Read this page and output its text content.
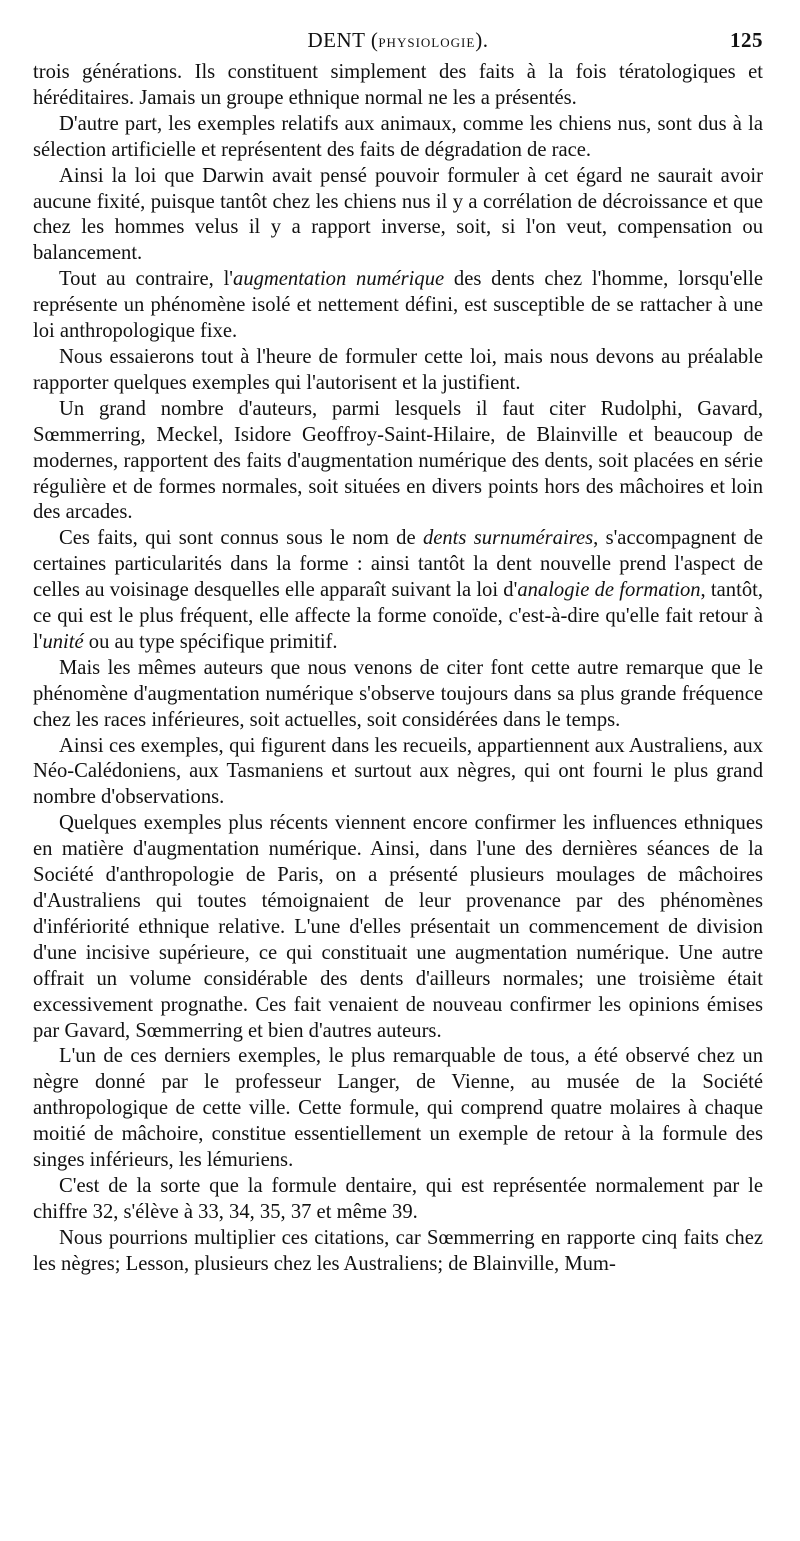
DENT (physiologie).	125

trois générations. Ils constituent simplement des faits à la fois tératologiques et héréditaires. Jamais un groupe ethnique normal ne les a présentés.

D'autre part, les exemples relatifs aux animaux, comme les chiens nus, sont dus à la sélection artificielle et représentent des faits de dégradation de race.

Ainsi la loi que Darwin avait pensé pouvoir formuler à cet égard ne saurait avoir aucune fixité, puisque tantôt chez les chiens nus il y a corrélation de décroissance et que chez les hommes velus il y a rapport inverse, soit, si l'on veut, compensation ou balancement.

Tout au contraire, l'augmentation numérique des dents chez l'homme, lorsqu'elle représente un phénomène isolé et nettement défini, est susceptible de se rattacher à une loi anthropologique fixe.

Nous essaierons tout à l'heure de formuler cette loi, mais nous devons au préalable rapporter quelques exemples qui l'autorisent et la justifient.

Un grand nombre d'auteurs, parmi lesquels il faut citer Rudolphi, Gavard, Sœmmerring, Meckel, Isidore Geoffroy-Saint-Hilaire, de Blainville et beaucoup de modernes, rapportent des faits d'augmentation numérique des dents, soit placées en série régulière et de formes normales, soit situées en divers points hors des mâchoires et loin des arcades.

Ces faits, qui sont connus sous le nom de dents surnuméraires, s'accompagnent de certaines particularités dans la forme : ainsi tantôt la dent nouvelle prend l'aspect de celles au voisinage desquelles elle apparaît suivant la loi d'analogie de formation, tantôt, ce qui est le plus fréquent, elle affecte la forme conoïde, c'est-à-dire qu'elle fait retour à l'unité ou au type spécifique primitif.

Mais les mêmes auteurs que nous venons de citer font cette autre remarque que le phénomène d'augmentation numérique s'observe toujours dans sa plus grande fréquence chez les races inférieures, soit actuelles, soit considérées dans le temps.

Ainsi ces exemples, qui figurent dans les recueils, appartiennent aux Australiens, aux Néo-Calédoniens, aux Tasmaniens et surtout aux nègres, qui ont fourni le plus grand nombre d'observations.

Quelques exemples plus récents viennent encore confirmer les influences ethniques en matière d'augmentation numérique. Ainsi, dans l'une des dernières séances de la Société d'anthropologie de Paris, on a présenté plusieurs moulages de mâchoires d'Australiens qui toutes témoignaient de leur provenance par des phénomènes d'infériorité ethnique relative. L'une d'elles présentait un commencement de division d'une incisive supérieure, ce qui constituait une augmentation numérique. Une autre offrait un volume considérable des dents d'ailleurs normales; une troisième était excessivement prognathe. Ces fait venaient de nouveau confirmer les opinions émises par Gavard, Sœmmerring et bien d'autres auteurs.

L'un de ces derniers exemples, le plus remarquable de tous, a été observé chez un nègre donné par le professeur Langer, de Vienne, au musée de la Société anthropologique de cette ville. Cette formule, qui comprend quatre molaires à chaque moitié de mâchoire, constitue essentiellement un exemple de retour à la formule des singes inférieurs, les lémuriens.

C'est de la sorte que la formule dentaire, qui est représentée normalement par le chiffre 32, s'élève à 33, 34, 35, 37 et même 39.

Nous pourrions multiplier ces citations, car Sœmmerring en rapporte cinq faits chez les nègres; Lesson, plusieurs chez les Australiens; de Blainville, Mum-
